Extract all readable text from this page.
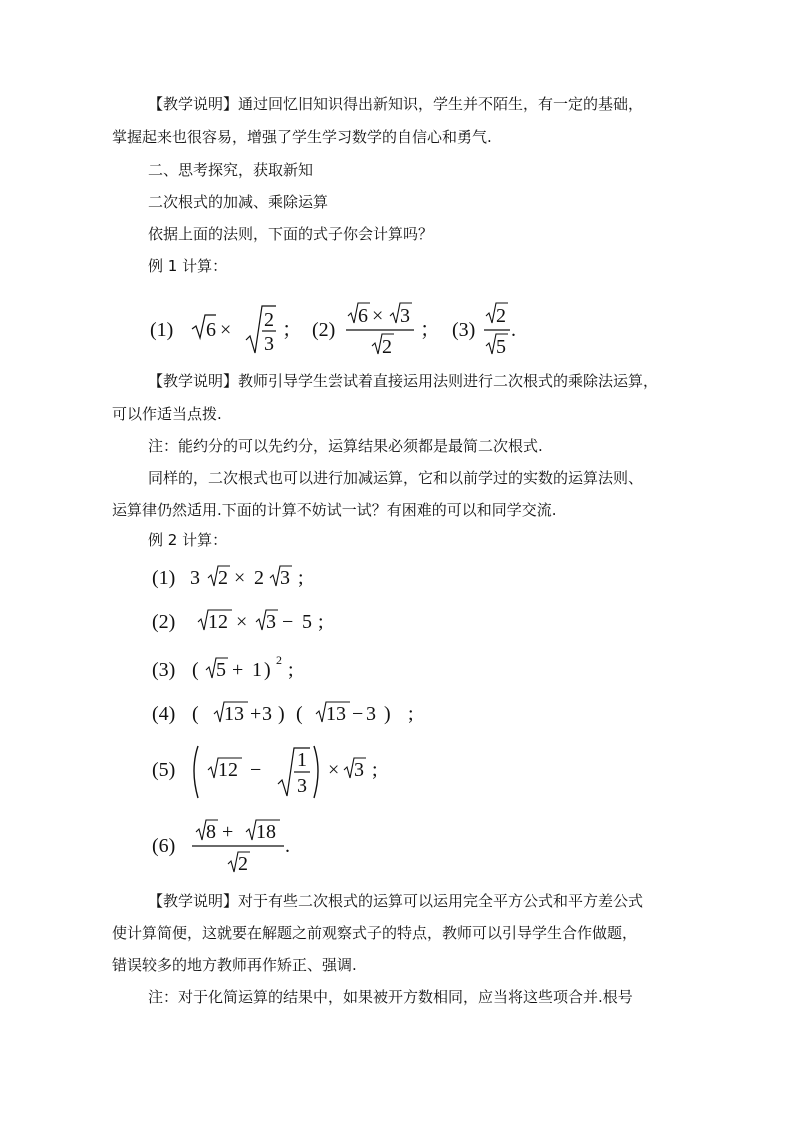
【教学说明】通过回忆旧知识得出新知识，学生并不陌生，有一定的基础，
掌握起来也很容易，增强了学生学习数学的自信心和勇气.
二、思考探究，获取新知
二次根式的加减、乘除运算
依据上面的法则，下面的式子你会计算吗？
例 1 计算：
(1) 6 × 2
3
； (2)
6 × 3
2
； (3)
2
5
.
【教学说明】教师引导学生尝试着直接运用法则进行二次根式的乘除法运算，
可以作适当点拨.
注：能约分的可以先约分，运算结果必须都是最简二次根式.
同样的，二次根式也可以进行加减运算，它和以前学过的实数的运算法则、
运算律仍然适用.下面的计算不妨试一试？有困难的可以和同学交流.
例 2 计算：
(1) 3 2 × 2 3 ;
(2) 12 × 3 − 5 ;
(3) ( 5 + 1 ) 2 ;
(4) ( 13 + 3 ) ( 13 − 3 ) ;
(5) 12 − 1
3
× 3 ;
(6)
8 + 18
2
.
【教学说明】对于有些二次根式的运算可以运用完全平方公式和平方差公式
使计算简便，这就要在解题之前观察式子的特点，教师可以引导学生合作做题，
错误较多的地方教师再作矫正、强调.
注：对于化简运算的结果中，如果被开方数相同，应当将这些项合并.根号
